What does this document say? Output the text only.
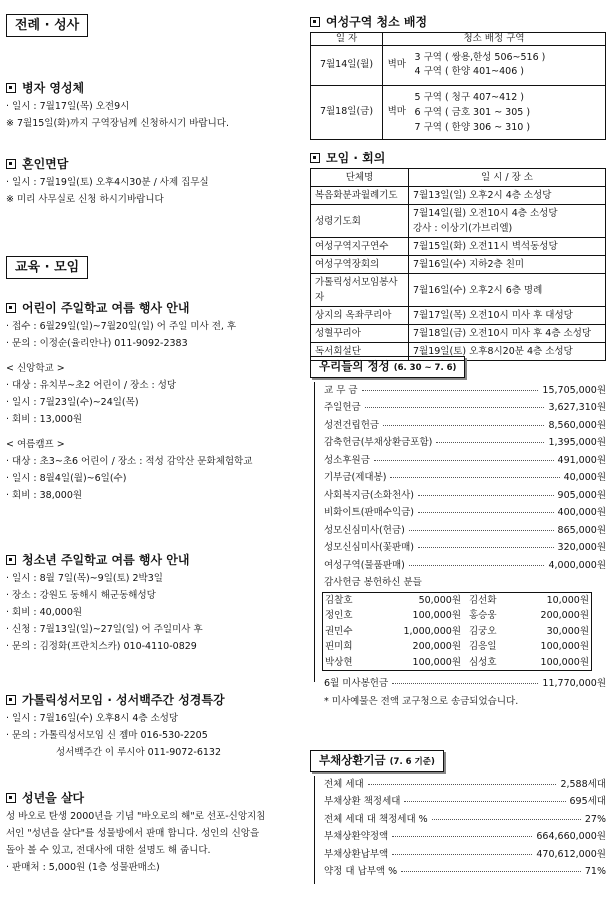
전례 · 성사
병자 영성체
· 일시 : 7월17일(목) 오전9시
※ 7월15일(화)까지 구역장님께 신청하시기 바랍니다.
혼인면담
· 일시 : 7월19일(토) 오후4시30분 / 사제 집무실
※ 미리 사무실로 신청 하시기바랍니다
교육 · 모임
어린이 주일학교 여름 행사 안내
· 접수 : 6월29일(일)~7월20일(일) 어 주일 미사 전, 후
· 문의 : 이정순(율리안나) 011-9092-2383
< 신앙학교 >
· 대상 : 유치부~초2 어린이 / 장소 : 성당
· 일시 : 7월23일(수)~24일(목)
· 회비 : 13,000원
< 여름캠프 >
· 대상 : 초3~초6 어린이 / 장소 : 적성 감악산 문화체험학교
· 일시 : 8월4일(월)~6일(수)
· 회비 : 38,000원
청소년 주일학교 여름 행사 안내
· 일시 : 8월 7일(목)~9일(토) 2박3일
· 장소 : 강원도 동해시 해군동해성당
· 회비 : 40,000원
· 신청 : 7월13일(일)~27일(일) 어 주일미사 후
· 문의 : 김정화(프란치스카) 010-4110-0829
가톨릭성서모임 · 성서백주간 성경특강
· 일시 : 7월16일(수) 오후8시 4층 소성당
· 문의 : 가톨릭성서모임 신 젬마 016-530-2205
성서백주간 이 루시아 011-9072-6132
성년을 살다
성 바오로 탄생 2000년을 기념 "바오로의 해"로 선포-신앙지침
서인 "성년을 살다"를 성물방에서 판매 합니다. 성인의 신앙을
돌아 볼 수 있고, 전대사에 대한 설명도 해 줍니다.
· 판매처 : 5,000원 (1층 성물판매소)
여성구역 청소 배정
일 자	청소 배정 구역	
7월14일(월)	벽마	3 구역 ( 쌍용,한성 506~516 )
4 구역 ( 한양 401~406 )

7월18일(금)	벽마	5 구역 ( 청구 407~412 )
6 구역 ( 금호 301 ~ 305 )
7 구역 ( 한양 306 ~ 310 )
모임 · 회의
단체명	일 시 / 장 소
복음화분과월례기도	7월13일(일) 오후2시 4층 소성당
성령기도회	7월14일(월) 오전10시 4층 소성당
강사 : 이상기(가브리엘)
여성구역지구연수	7월15일(화) 오전11시 벽석동성당
여성구역장회의	7월16일(수) 지하2층 친미
가톨릭성서모임봉사자	7월16일(수) 오후2시 6층 명례
상지의 옥좌쿠리아	7월17일(목) 오전10시 미사 후 대성당
성혈꾸리아	7월18일(금) 오전10시 미사 후 4층 소성당
독서회설단	7월19일(토) 오후8시20분 4층 소성당
우리들의 정성 (6. 30 ~ 7. 6)
교 무 금	15,705,000원
주일헌금	3,627,310원
성전건립헌금	8,560,000원
감축헌금(부채상환금포함)	1,395,000원
성소후원금	491,000원
기부금(제대봉)	40,000원
사회복지금(소화천사)	905,000원
비화이트(판매수익금)	400,000원
성모신심미사(헌금)	865,000원
성모신심미사(꽃판매)	320,000원
여성구역(물품판매)	4,000,000원
감사헌금 봉헌하신 분들
김찰호	50,000원 김선화	10,000원
정인호	100,000원 홍승웅	200,000원
권민수	1,000,000원 김궁오	30,000원
핀미희	200,000원 김응일	100,000원
박상현	100,000원 심성호	100,000원
6월 미사봉헌금	11,770,000원
* 미사예물은 전액 교구청으로 송금되었습니다.
부채상환기금 (7. 6 기준)
전체 세대	2,588세대
부채상환 책정세대	695세대
전체 세대 대 책정세대 %	27%
부채상환약정액	664,660,000원
부채상환납부액	470,612,000원
약정 대 납부액 %	71%
